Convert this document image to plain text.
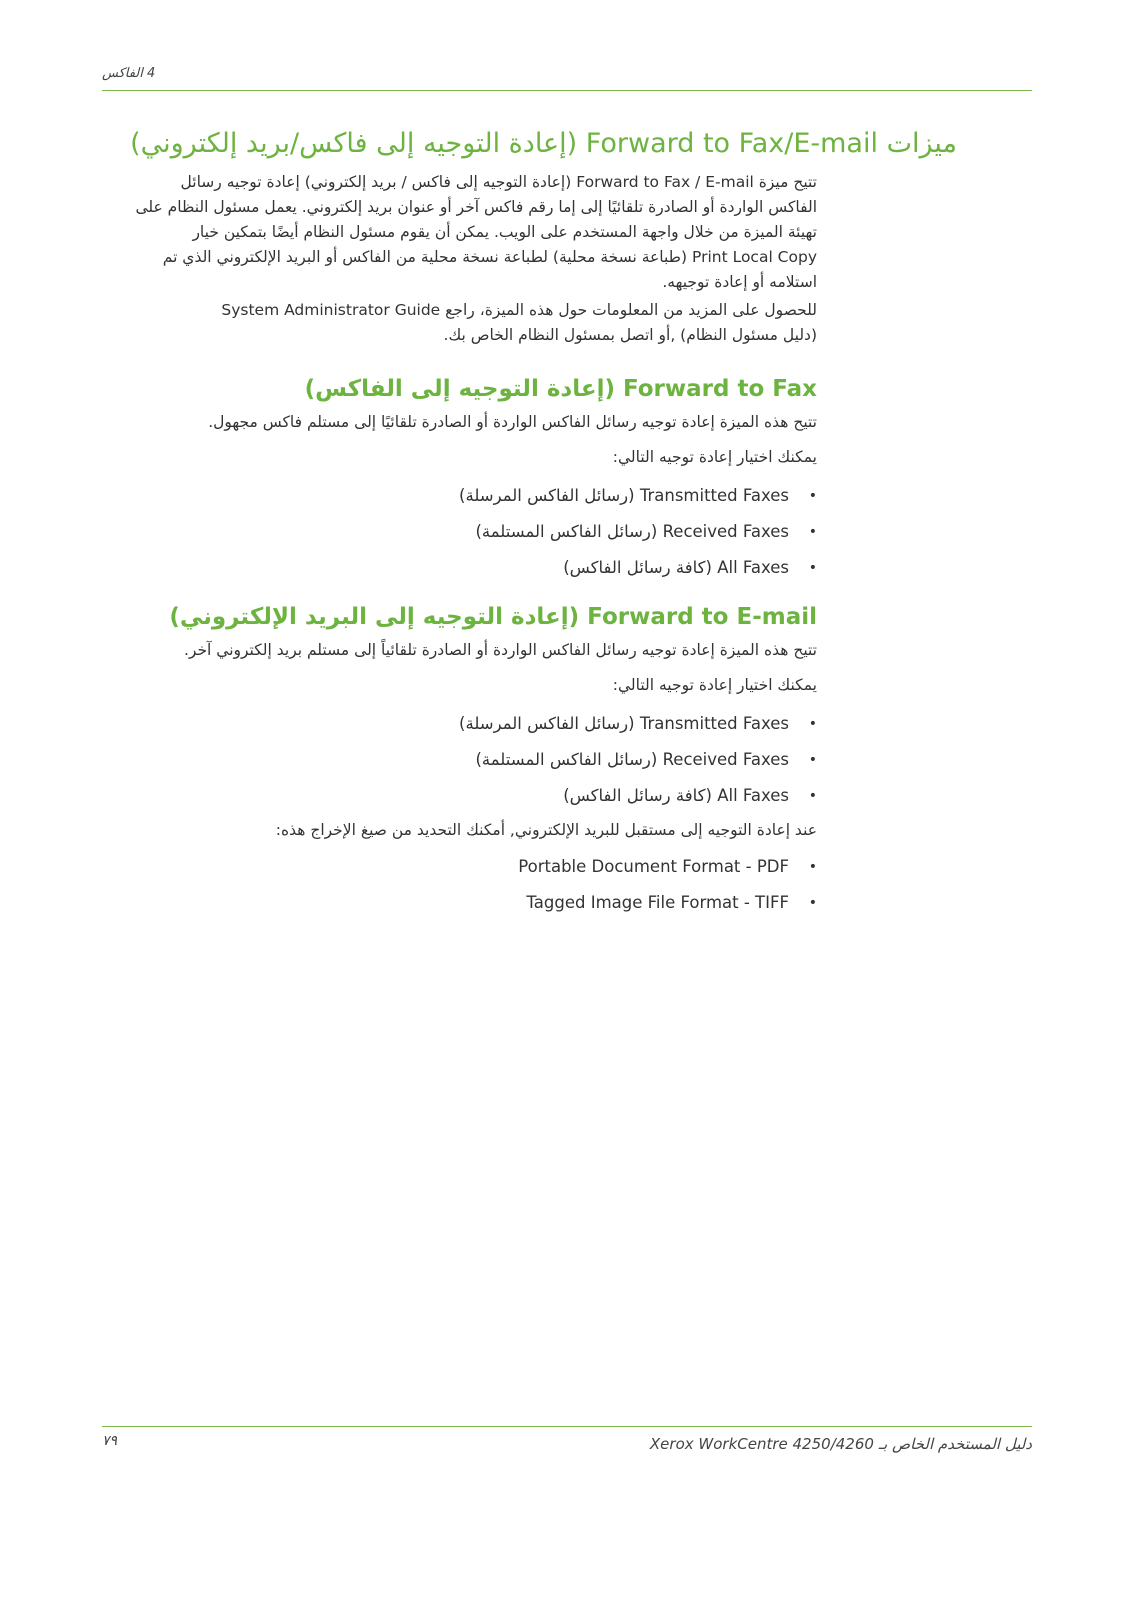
4 الفاكس
ميزات Forward to Fax/E-mail (إعادة التوجيه إلى فاكس/بريد إلكتروني)

تتيح ميزة Forward to Fax / E-mail (إعادة التوجيه إلى فاكس / بريد إلكتروني) إعادة توجيه رسائل

الفاكس الواردة أو الصادرة تلقائيًا إلى إما رقم فاكس آخر أو عنوان بريد إلكتروني. يعمل مسئول النظام على

تهيئة الميزة من خلال واجهة المستخدم على الويب. يمكن أن يقوم مسئول النظام أيضًا بتمكين خيار

Print Local Copy (طباعة نسخة محلية) لطباعة نسخة محلية من الفاكس أو البريد الإلكتروني الذي تم

استلامه أو إعادة توجيهه.

للحصول على المزيد من المعلومات حول هذه الميزة، راجع System Administrator Guide

(دليل مسئول النظام) ,أو اتصل بمسئول النظام الخاص بك.

Forward to Fax (إعادة التوجيه إلى الفاكس)

تتيح هذه الميزة إعادة توجيه رسائل الفاكس الواردة أو الصادرة تلقائيًا إلى مستلم فاكس مجهول.

يمكنك اختيار إعادة توجيه التالي:

•
Transmitted Faxes (رسائل الفاكس المرسلة)
•
Received Faxes (رسائل الفاكس المستلمة)
•
All Faxes (كافة رسائل الفاكس)
Forward to E-mail (إعادة التوجيه إلى البريد الإلكتروني)

تتيح هذه الميزة إعادة توجيه رسائل الفاكس الواردة أو الصادرة تلقائياً إلى مستلم بريد إلكتروني آخر.

يمكنك اختيار إعادة توجيه التالي:

•
Transmitted Faxes (رسائل الفاكس المرسلة)
•
Received Faxes (رسائل الفاكس المستلمة)
•
All Faxes (كافة رسائل الفاكس)

عند إعادة التوجيه إلى مستقبل للبريد الإلكتروني, أمكنك التحديد من صيغ الإخراج هذه:

•
Portable Document Format - PDF
•
Tagged Image File Format - TIFF
٧٩	دليل المستخدم الخاص بـ Xerox WorkCentre 4250/4260
